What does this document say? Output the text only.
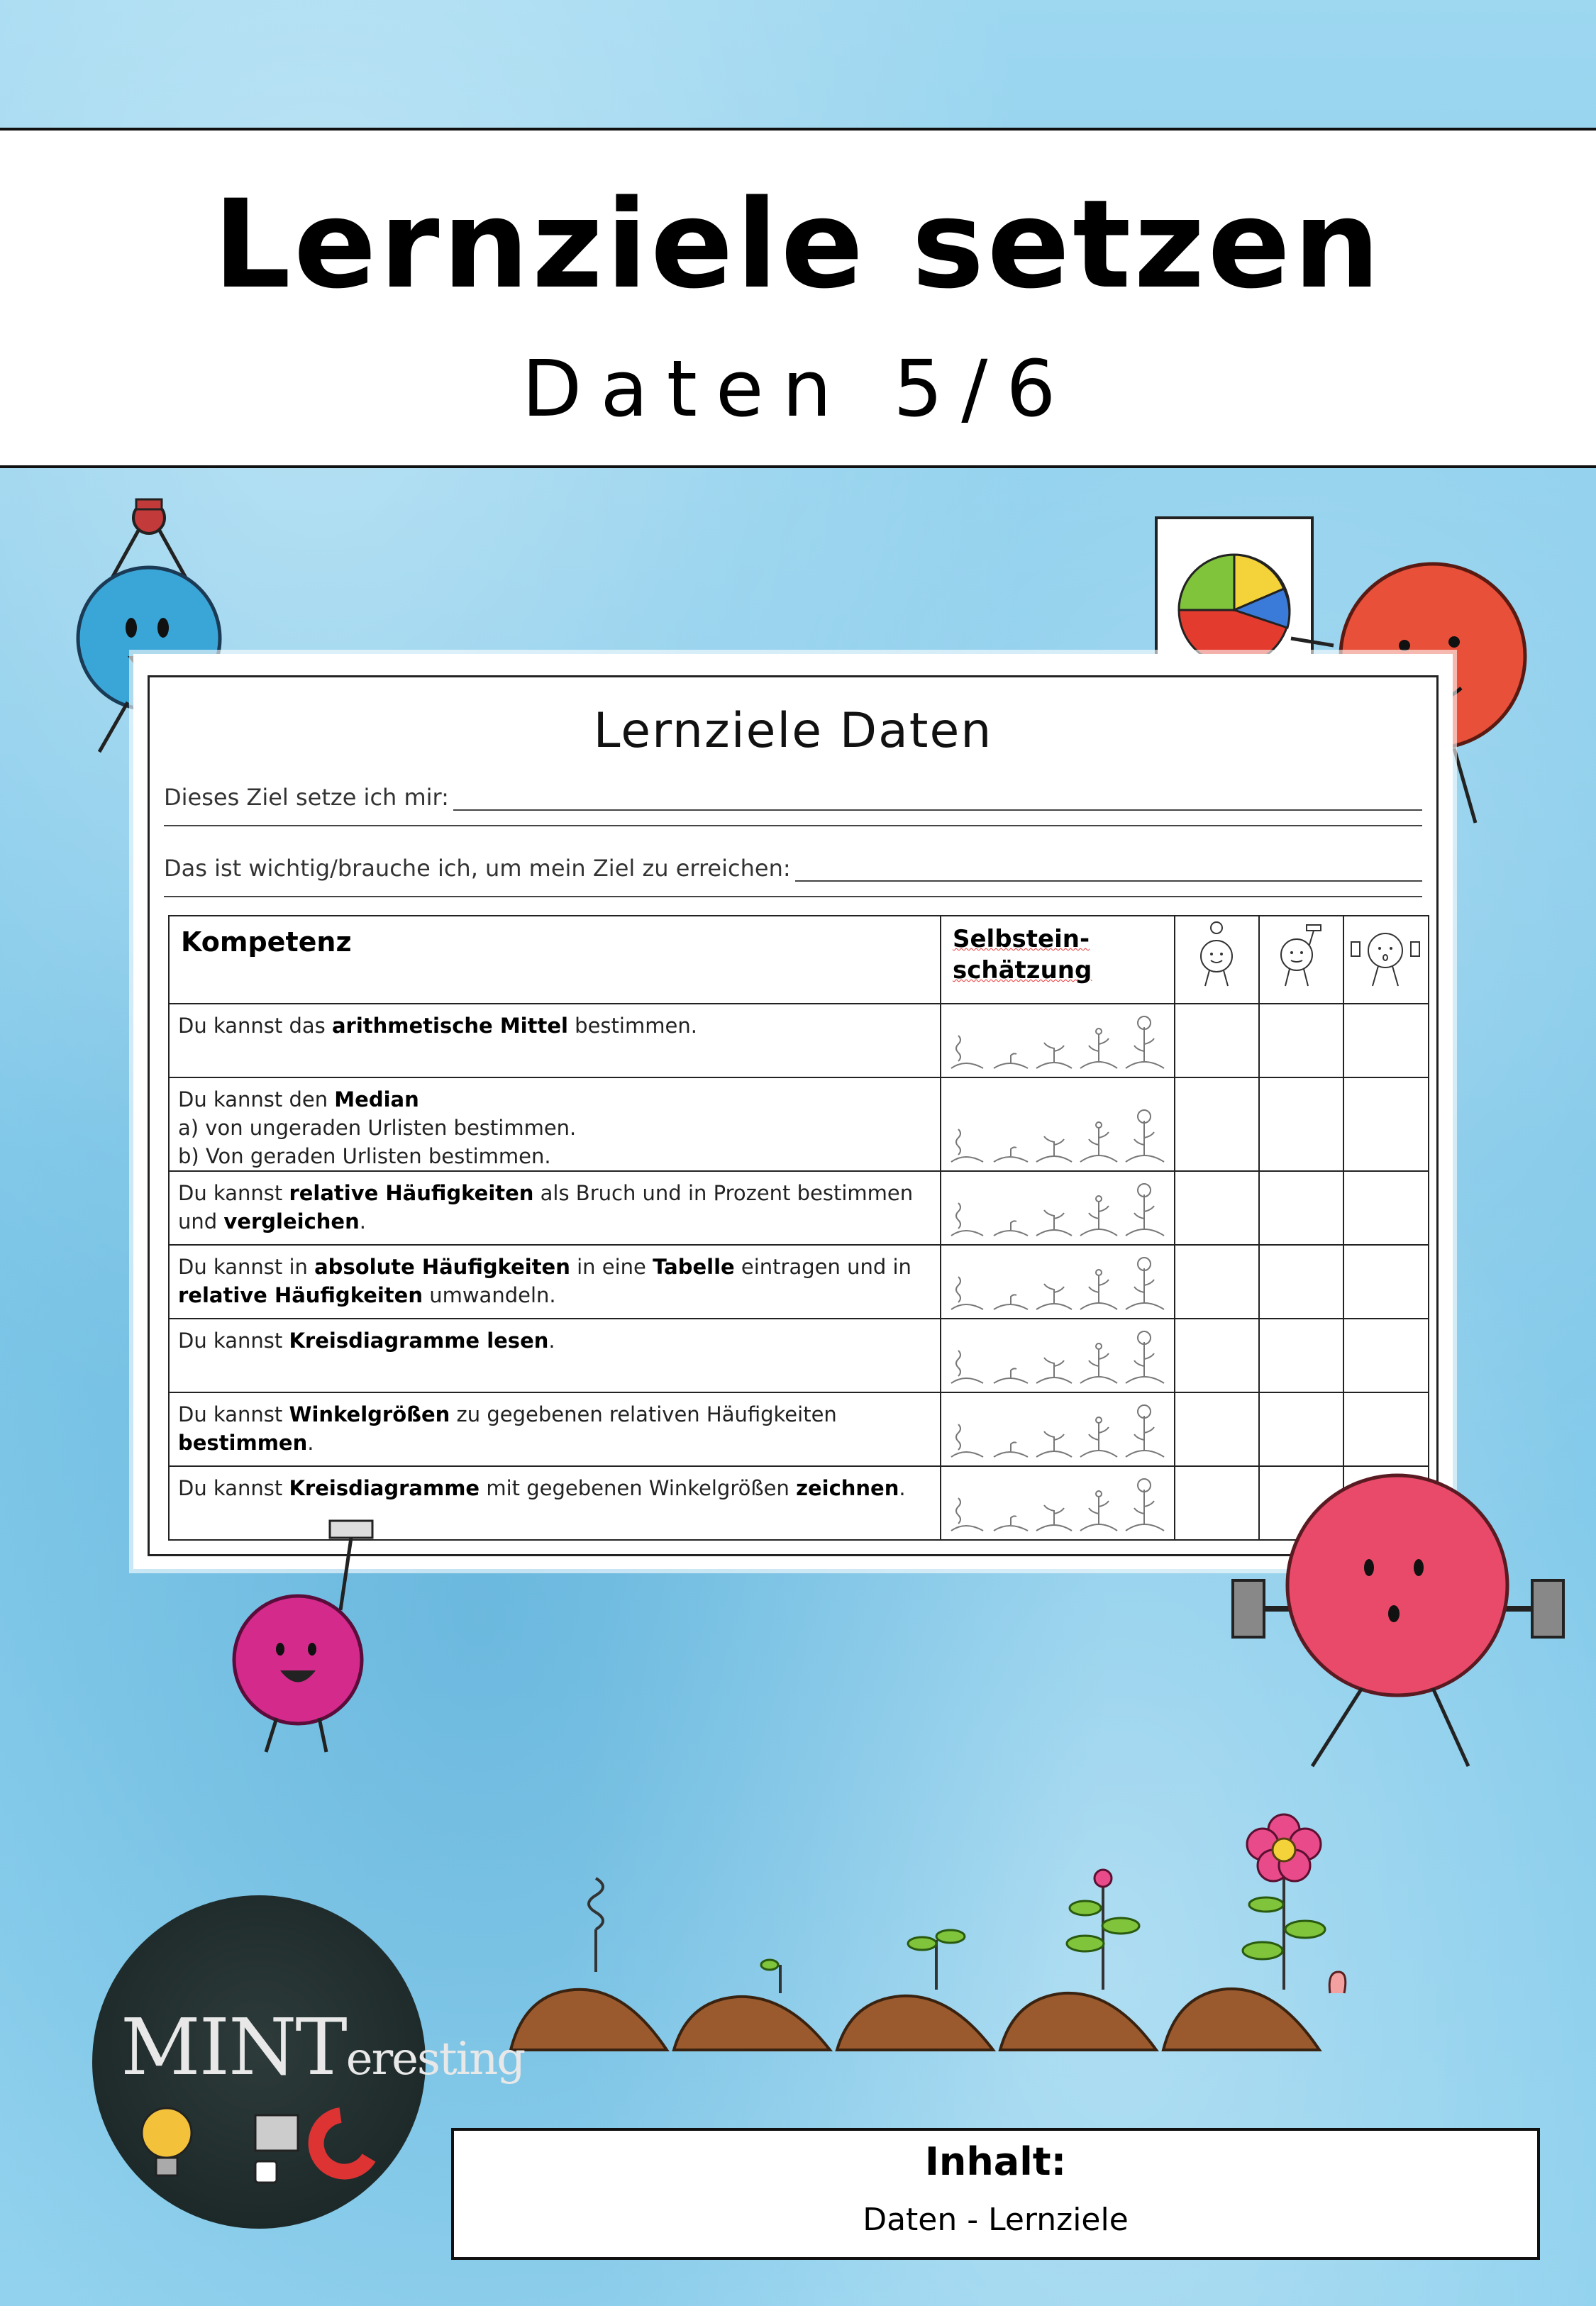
Lernziele setzen
Daten 5/6
Lernziele Daten
Dieses Ziel setze ich mir:
Das ist wichtig/brauche ich, um mein Ziel zu erreichen:
Kompetenz	Selbstein-
schätzung			
Du kannst das arithmetische Mittel bestimmen.	

Du kannst den Median
a) von ungeraden Urlisten bestimmen.
b) Von geraden Urlisten bestimmen.	

Du kannst relative Häufigkeiten als Bruch und in Prozent bestimmen und vergleichen.	

Du kannst in absolute Häufigkeiten in eine Tabelle eintragen und in relative Häufigkeiten umwandeln.	

Du kannst Kreisdiagramme lesen.	

Du kannst Winkelgrößen zu gegebenen relativen Häufigkeiten bestimmen.	

Du kannst Kreisdiagramme mit gegebenen Winkelgrößen zeichnen.	

MINTeresting
Inhalt:
Daten - Lernziele
